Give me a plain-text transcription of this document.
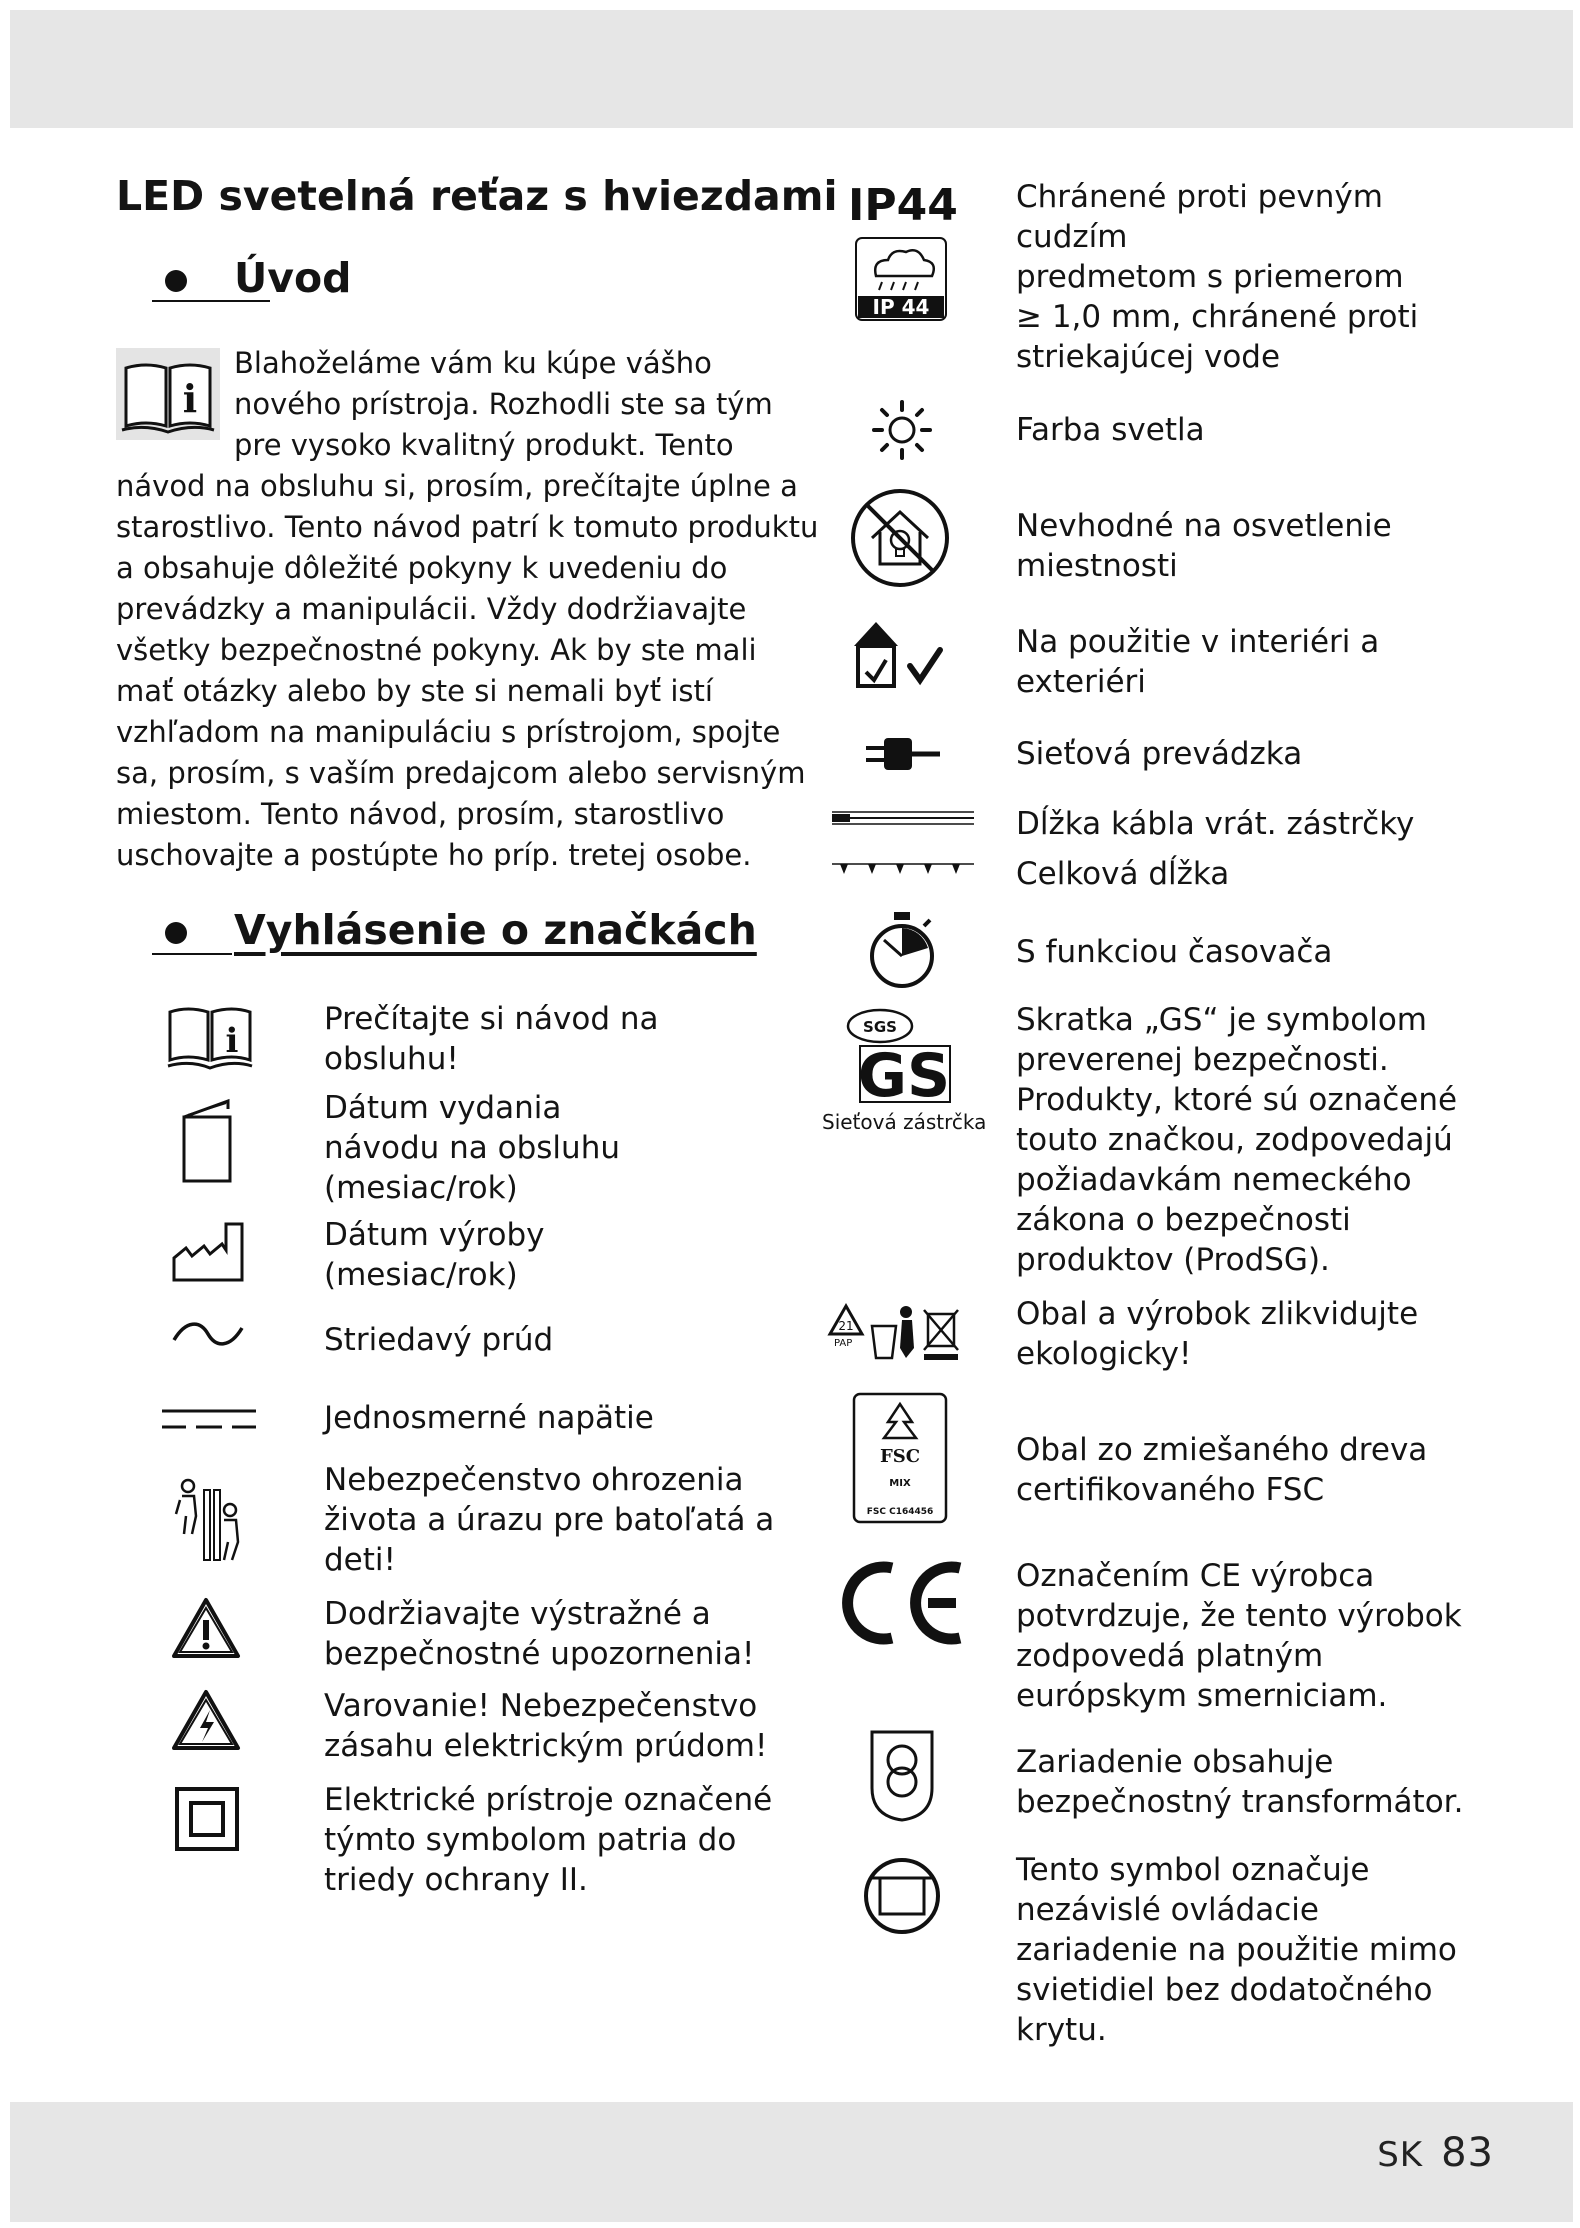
LED svetelná reťaz s hviezdami
Úvod
i
Blahoželáme vám ku kúpe vášho
nového prístroja. Rozhodli ste sa tým
pre vysoko kvalitný produkt. Tento
návod na obsluhu si, prosím, prečítajte úplne a
starostlivo. Tento návod patrí k tomuto produktu
a obsahuje dôležité pokyny k uvedeniu do
prevádzky a manipulácii. Vždy dodržiavajte
všetky bezpečnostné pokyny. Ak by ste mali
mať otázky alebo by ste si nemali byť istí
vzhľadom na manipuláciu s prístrojom, spojte
sa, prosím, s vaším predajcom alebo servisným
miestom. Tento návod, prosím, starostlivo
uschovajte a postúpte ho príp. tretej osobe.
Vyhlásenie o značkách
i
Prečítajte si návod na
obsluhu!
Dátum vydania
návodu na obsluhu
(mesiac/rok)
Dátum výroby
(mesiac/rok)
Striedavý prúd
Jednosmerné napätie
Nebezpečenstvo ohrozenia
života a úrazu pre batoľatá a
deti!
Dodržiavajte výstražné a
bezpečnostné upozornenia!
Varovanie! Nebezpečenstvo
zásahu elektrickým prúdom!
Elektrické prístroje označené
týmto symbolom patria do
triedy ochrany II.
IP44
IP 44
Chránené proti pevným
cudzím
predmetom s priemerom
≥ 1,0 mm, chránené proti
striekajúcej vode
Farba svetla
Nevhodné na osvetlenie
miestnosti
Na použitie v interiéri a
exteriéri
Sieťová prevádzka
Dĺžka kábla vrát. zástrčky
Celková dĺžka
S funkciou časovača
SGS
GS
Sieťová zástrčka
Skratka „GS“ je symbolom
preverenej bezpečnosti.
Produkty, ktoré sú označené
touto značkou, zodpovedajú
požiadavkám nemeckého
zákona o bezpečnosti
produktov (ProdSG).
21
PAP
Obal a výrobok zlikvidujte
ekologicky!
FSC
MIX
FSC C164456
Obal zo zmiešaného dreva
certifikovaného FSC
Označením CE výrobca
potvrdzuje, že tento výrobok
zodpovedá platným
európskym smerniciam.
Zariadenie obsahuje
bezpečnostný transformátor.
Tento symbol označuje
nezávislé ovládacie
zariadenie na použitie mimo
svietidiel bez dodatočného
krytu.
SK 83
